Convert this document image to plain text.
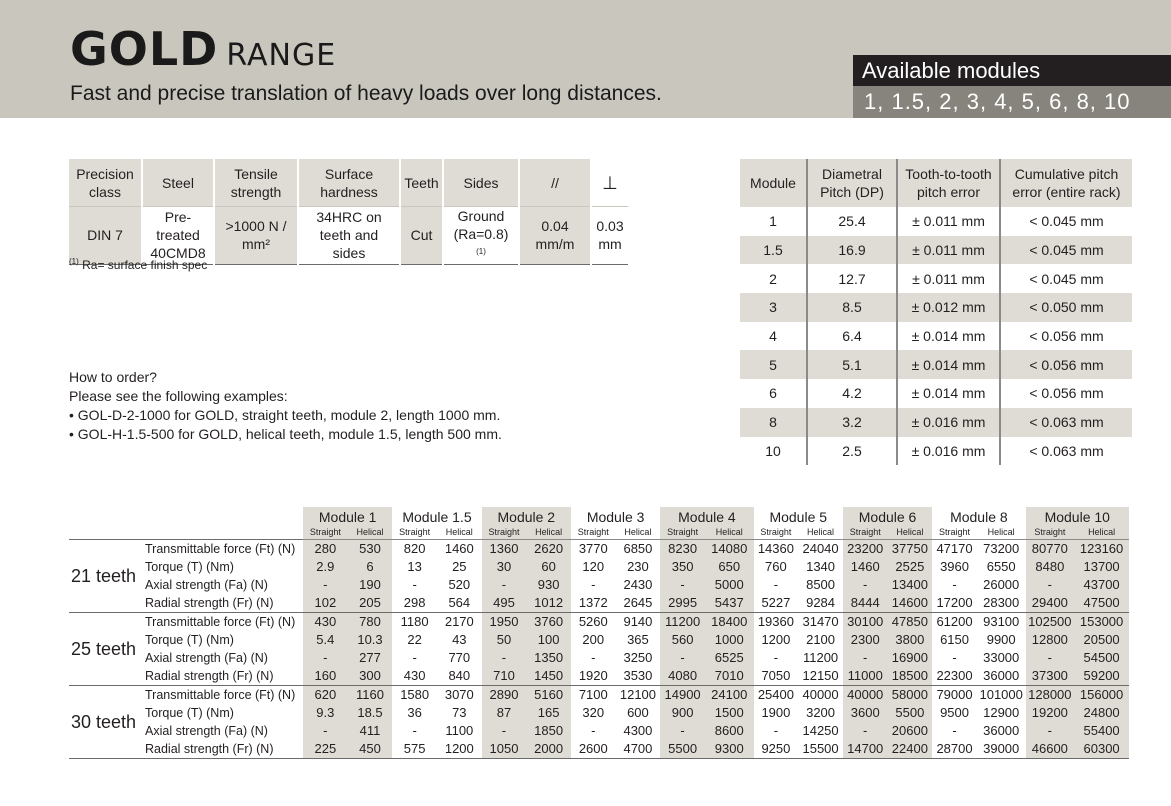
GOLD RANGE
Fast and precise translation of heavy loads over long distances.
Available modules
1, 1.5, 2, 3, 4, 5, 6, 8, 10
Precision class	Steel	Tensile strength	Surface hardness	Teeth	Sides	//	⊥
DIN 7	Pre-treated 40CMD8	>1000 N / mm²	34HRC on teeth and sides	Cut	Ground (Ra=0.8) $^{(1)}$	0.04 mm/m	0.03 mm
$^{(1)}$ Ra= surface finish spec
How to order?
Please see the following examples:
• GOL-D-2-1000 for GOLD, straight teeth, module 2, length 1000 mm.
• GOL-H-1.5-500 for GOLD, helical teeth, module 1.5, length 500 mm.
Module	Diametral Pitch (DP)	Tooth-to-tooth pitch error	Cumulative pitch error (entire rack)
1	25.4	± 0.011 mm	< 0.045 mm
1.5	16.9	± 0.011 mm	< 0.045 mm
2	12.7	± 0.011 mm	< 0.045 mm
3	8.5	± 0.012 mm	< 0.050 mm
4	6.4	± 0.014 mm	< 0.056 mm
5	5.1	± 0.014 mm	< 0.056 mm
6	4.2	± 0.014 mm	< 0.056 mm
8	3.2	± 0.016 mm	< 0.063 mm
10	2.5	± 0.016 mm	< 0.063 mm
		Module 1		Module 1.5		Module 2		Module 3		Module 4		Module 5		Module 6		Module 8		Module 10	
		Straight	Helical	Straight	Helical	Straight	Helical	Straight	Helical	Straight	Helical	Straight	Helical	Straight	Helical	Straight	Helical	Straight	Helical
21 teeth	Transmittable force (Ft) (N)	280	530	820	1460	1360	2620	3770	6850	8230	14080	14360	24040	23200	37750	47170	73200	80770	123160
	Torque (T) (Nm)	2.9	6	13	25	30	60	120	230	350	650	760	1340	1460	2525	3960	6550	8480	13700
	Axial strength (Fa) (N)	-	190	-	520	-	930	-	2430	-	5000	-	8500	-	13400	-	26000	-	43700
	Radial strength (Fr) (N)	102	205	298	564	495	1012	1372	2645	2995	5437	5227	9284	8444	14600	17200	28300	29400	47500
25 teeth	Transmittable force (Ft) (N)	430	780	1180	2170	1950	3760	5260	9140	11200	18400	19360	31470	30100	47850	61200	93100	102500	153000
	Torque (T) (Nm)	5.4	10.3	22	43	50	100	200	365	560	1000	1200	2100	2300	3800	6150	9900	12800	20500
	Axial strength (Fa) (N)	-	277	-	770	-	1350	-	3250	-	6525	-	11200	-	16900	-	33000	-	54500
	Radial strength (Fr) (N)	160	300	430	840	710	1450	1920	3530	4080	7010	7050	12150	11000	18500	22300	36000	37300	59200
30 teeth	Transmittable force (Ft) (N)	620	1160	1580	3070	2890	5160	7100	12100	14900	24100	25400	40000	40000	58000	79000	101000	128000	156000
	Torque (T) (Nm)	9.3	18.5	36	73	87	165	320	600	900	1500	1900	3200	3600	5500	9500	12900	19200	24800
	Axial strength (Fa) (N)	-	411	-	1100	-	1850	-	4300	-	8600	-	14250	-	20600	-	36000	-	55400
	Radial strength (Fr) (N)	225	450	575	1200	1050	2000	2600	4700	5500	9300	9250	15500	14700	22400	28700	39000	46600	60300
